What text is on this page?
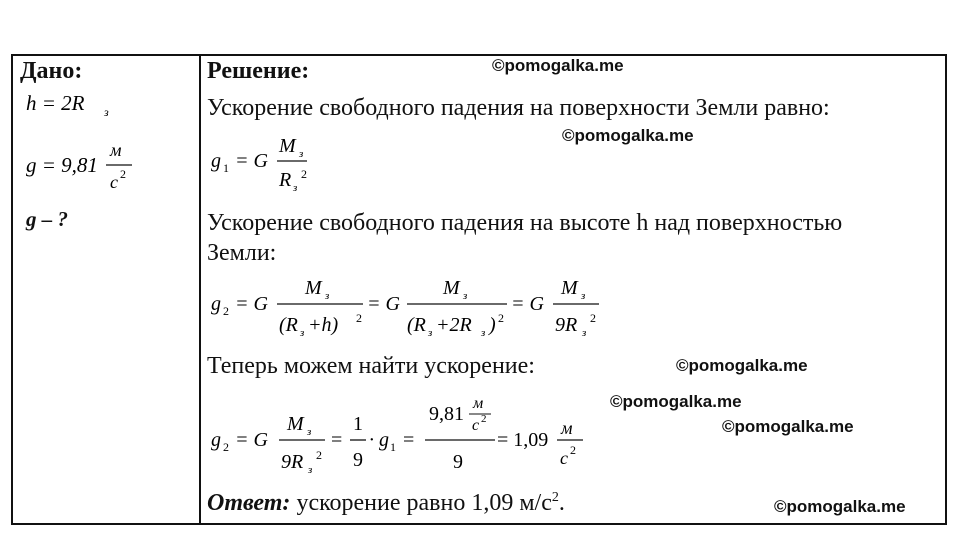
Дано:
h = 2R з
g = 9,81
м
c 2
g – ?
Решение:
Ускорение свободного падения на поверхности Земли равно:
g 1 = G
M з
R з
2
Ускорение свободного падения на высоте h над поверхностью
Земли:
g 2 = G
M з
(R з +h) 2
= G
M з
(R з +2R з ) 2
= G
M з
9R з
2
Теперь можем найти ускорение:
g 2 = G
M з
9R з
2
=
1
9
· g 1 =
9,81 м
c 2
9
= 1,09
м
c 2
Ответ: ускорение равно 1,09 $м/с^2$.
©pomogalka.me
©pomogalka.me
©pomogalka.me
©pomogalka.me
©pomogalka.me
©pomogalka.me
